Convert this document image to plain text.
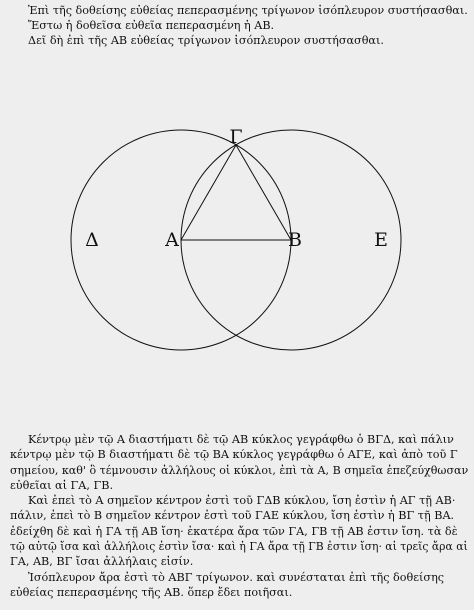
Ἐπὶ τῆς δοθείσης εὐθείας πεπερασμένης τρίγωνον ἰσόπλευρον συστήσασθαι.

Ἔστω ἡ δοθεῖσα εὐθεῖα πεπερασμένη ἡ ΑΒ.

Δεῖ δὴ ἐπὶ τῆς ΑΒ εὐθείας τρίγωνον ἰσόπλευρον συστήσασθαι.

Γ
Δ	Α	Β	Ε
Κέντρῳ μὲν τῷ Α διαστήματι δὲ τῷ ΑΒ κύκλος γεγράφθω ὁ ΒΓΔ, καὶ πάλιν
κέντρῳ μὲν τῷ Β διαστήματι δὲ τῷ ΒΑ κύκλος γεγράφθω ὁ ΑΓΕ, καὶ ἀπὸ τοῦ Γ
σημείου, καθ' ὃ τέμνουσιν ἀλλήλους οἱ κύκλοι, ἐπὶ τὰ Α, Β σημεῖα ἐπεζεύχθωσαν
εὐθεῖαι αἱ ΓΑ, ΓΒ.
Καὶ ἐπεὶ τὸ Α σημεῖον κέντρον ἐστὶ τοῦ ΓΔΒ κύκλου, ἴση ἐστὶν ἡ ΑΓ τῇ ΑΒ·
πάλιν, ἐπεὶ τὸ Β σημεῖον κέντρον ἐστὶ τοῦ ΓΑΕ κύκλου, ἴση ἐστὶν ἡ ΒΓ τῇ ΒΑ.
ἐδείχθη δὲ καὶ ἡ ΓΑ τῇ ΑΒ ἴση· ἑκατέρα ἄρα τῶν ΓΑ, ΓΒ τῇ ΑΒ ἐστιν ἴση. τὰ δὲ
τῷ αὐτῷ ἴσα καὶ ἀλλήλοις ἐστὶν ἴσα· καὶ ἡ ΓΑ ἄρα τῇ ΓΒ ἐστιν ἴση· αἱ τρεῖς ἄρα αἱ
ΓΑ, ΑΒ, ΒΓ ἴσαι ἀλλήλαις εἰσίν.
Ἰσόπλευρον ἄρα ἐστὶ τὸ ΑΒΓ τρίγωνον. καὶ συνέσταται ἐπὶ τῆς δοθείσης
εὐθείας πεπερασμένης τῆς ΑΒ. ὅπερ ἔδει ποιῆσαι.
